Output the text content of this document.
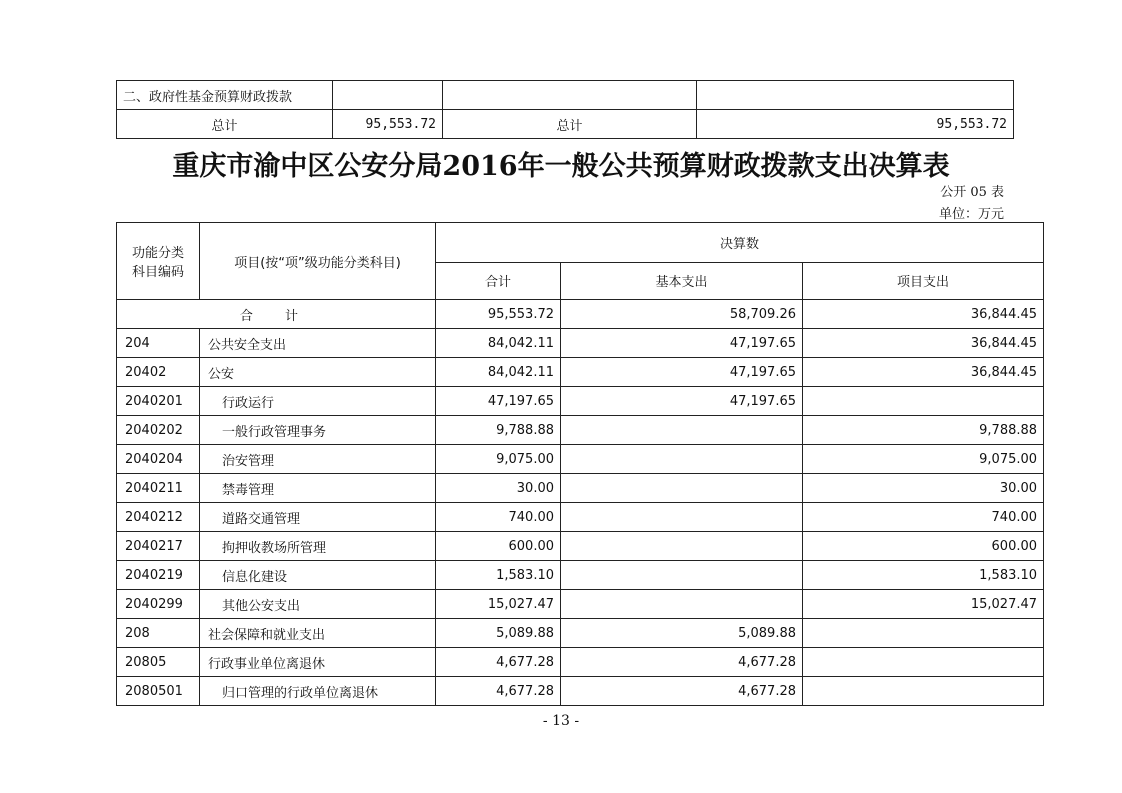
二、政府性基金预算财政拨款			
总计	95,553.72	总计	95,553.72
重庆市渝中区公安分局2016年一般公共预算财政拨款支出决算表
公开 05 表
单位：万元
功能分类科目编码	项目(按“项”级功能分类科目)	决算数		
		合计	基本支出	项目支出
合 计		95,553.72	58,709.26	36,844.45
204	公共安全支出	84,042.11	47,197.65	36,844.45
20402	公安	84,042.11	47,197.65	36,844.45
2040201	行政运行	47,197.65	47,197.65	
2040202	一般行政管理事务	9,788.88		9,788.88
2040204	治安管理	9,075.00		9,075.00
2040211	禁毒管理	30.00		30.00
2040212	道路交通管理	740.00		740.00
2040217	拘押收教场所管理	600.00		600.00
2040219	信息化建设	1,583.10		1,583.10
2040299	其他公安支出	15,027.47		15,027.47
208	社会保障和就业支出	5,089.88	5,089.88	
20805	行政事业单位离退休	4,677.28	4,677.28	
2080501	归口管理的行政单位离退休	4,677.28	4,677.28	
- 13 -
